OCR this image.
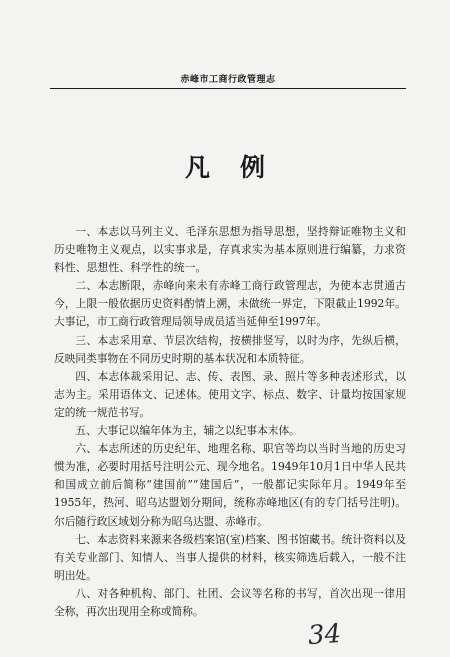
赤峰市工商行政管理志
凡例

一、本志以马列主义、毛泽东思想为指导思想，坚持辩证唯物主义和历史唯物主义观点，以实事求是，存真求实为基本原则进行编纂，力求资料性、思想性、科学性的统一。

二、本志断限，赤峰向来未有赤峰工商行政管理志，为使本志贯通古今，上限一般依据历史资料酌情上溯，未做统一界定，下限截止1992年。大事记，市工商行政管理局领导成员适当延伸至1997年。

三、本志采用章、节层次结构，按横排竖写，以时为序，先纵后横，反映同类事物在不同历史时期的基本状况和本质特征。

四、本志体裁采用记、志、传、表图、录、照片等多种表述形式，以志为主。采用语体文、记述体。使用文字、标点、数字、计量均按国家规定的统一规范书写。

五、大事记以编年体为主，辅之以纪事本末体。

六、本志所述的历史纪年、地理名称、职官等均以当时当地的历史习惯为准，必要时用括号注明公元、现今地名。1949年10月1日中华人民共和国成立前后简称“建国前”“建国后”，一般都记实际年月。1949年至1955年，热河、昭乌达盟划分期间，统称赤峰地区(有的专门括号注明)。尔后随行政区域划分称为昭乌达盟、赤峰市。

七、本志资料来源来各级档案馆(室)档案、图书馆藏书。统计资料以及有关专业部门、知情人、当事人提供的材料，核实筛选后载入，一般不注明出处。

八、对各种机构、部门、社团、会议等名称的书写，首次出现一律用全称，再次出现用全称或简称。

34
